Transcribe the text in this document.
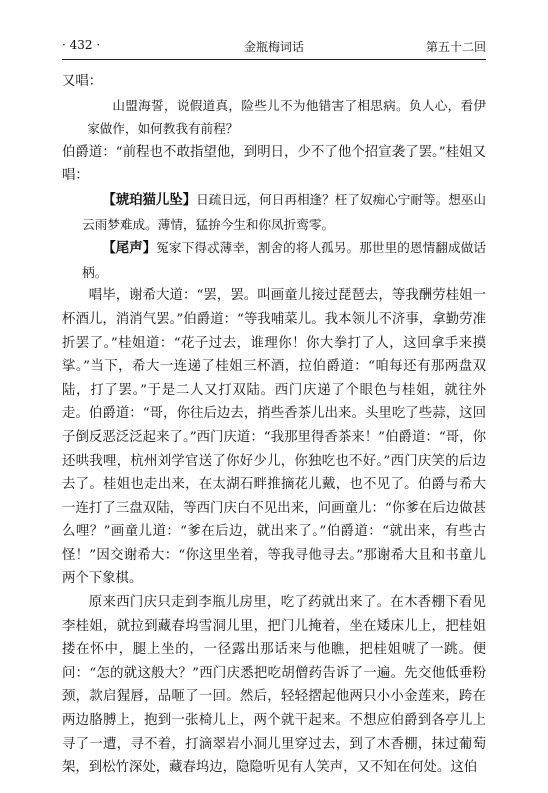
· 432 ·	金瓶梅词话	第五十二回

又唱：

山盟海誓，说假道真，险些儿不为他错害了相思病。负人心，看伊家做作，如何教我有前程？

伯爵道：“前程也不敢指望他，到明日，少不了他个招宣袭了罢。”桂姐又唱：

【琥珀猫儿坠】日疏日远，何日再相逢？枉了奴痴心宁耐等。想巫山云雨梦难成。薄情，猛拚今生和你凤折鸾零。

【尾声】冤家下得忒薄幸，割舍的将人孤另。那世里的恩情翻成做话柄。

唱毕，谢希大道：“罢，罢。叫画童儿接过琵琶去，等我酬劳桂姐一杯酒儿，消消气罢。”伯爵道：“等我哺菜儿。我本领儿不济事，拿勤劳准折罢了。”桂姐道：“花子过去，谁理你！你大拳打了人，这回拿手来摸挲。”当下，希大一连递了桂姐三杯酒，拉伯爵道：“咱每还有那两盘双陆，打了罢。”于是二人又打双陆。西门庆递了个眼色与桂姐，就往外走。伯爵道：“哥，你往后边去，捎些香茶儿出来。头里吃了些蒜，这回子倒反恶泛泛起来了。”西门庆道：“我那里得香茶来！”伯爵道：“哥，你还哄我哩，杭州刘学官送了你好少儿，你独吃也不好。”西门庆笑的后边去了。桂姐也走出来，在太湖石畔推摘花儿戴，也不见了。伯爵与希大一连打了三盘双陆，等西门庆白不见出来，问画童儿：“你爹在后边做甚么哩？”画童儿道：“爹在后边，就出来了。”伯爵道：“就出来，有些古怪！”因交谢希大：“你这里坐着，等我寻他寻去。”那谢希大且和书童儿两个下象棋。

原来西门庆只走到李瓶儿房里，吃了药就出来了。在木香棚下看见李桂姐，就拉到藏春坞雪洞儿里，把门儿掩着，坐在矮床儿上，把桂姐搂在怀中，腿上坐的，一径露出那话来与他瞧，把桂姐唬了一跳。便问：“怎的就这般大？”西门庆悉把吃胡僧药告诉了一遍。先交他低垂粉颈，款启猩唇，品咂了一回。然后，轻轻摺起他两只小小金莲来，跨在两边胳膊上，抱到一张椅儿上，两个就干起来。不想应伯爵到各亭儿上寻了一遭，寻不着，打滴翠岩小洞儿里穿过去，到了木香棚，抹过葡萄架，到松竹深处，藏春坞边，隐隐听见有人笑声，又不知在何处。这伯
